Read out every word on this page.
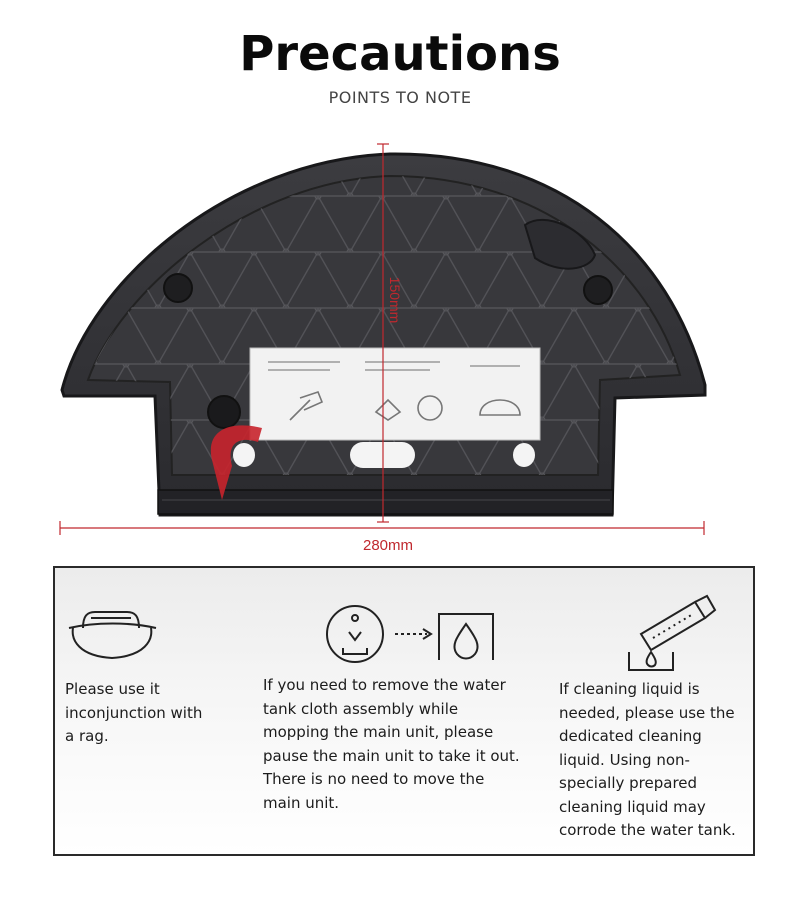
Precautions
POINTS TO NOTE
150mm
280mm
Please use it
inconjunction with
a rag.
If you need to remove the water
tank cloth assembly while
mopping the main unit, please
pause the main unit to take it out.
There is no need to move the
main unit.
If cleaning liquid is
needed, please use the
dedicated cleaning
liquid. Using non-
specially prepared
cleaning liquid may
corrode the water tank.
